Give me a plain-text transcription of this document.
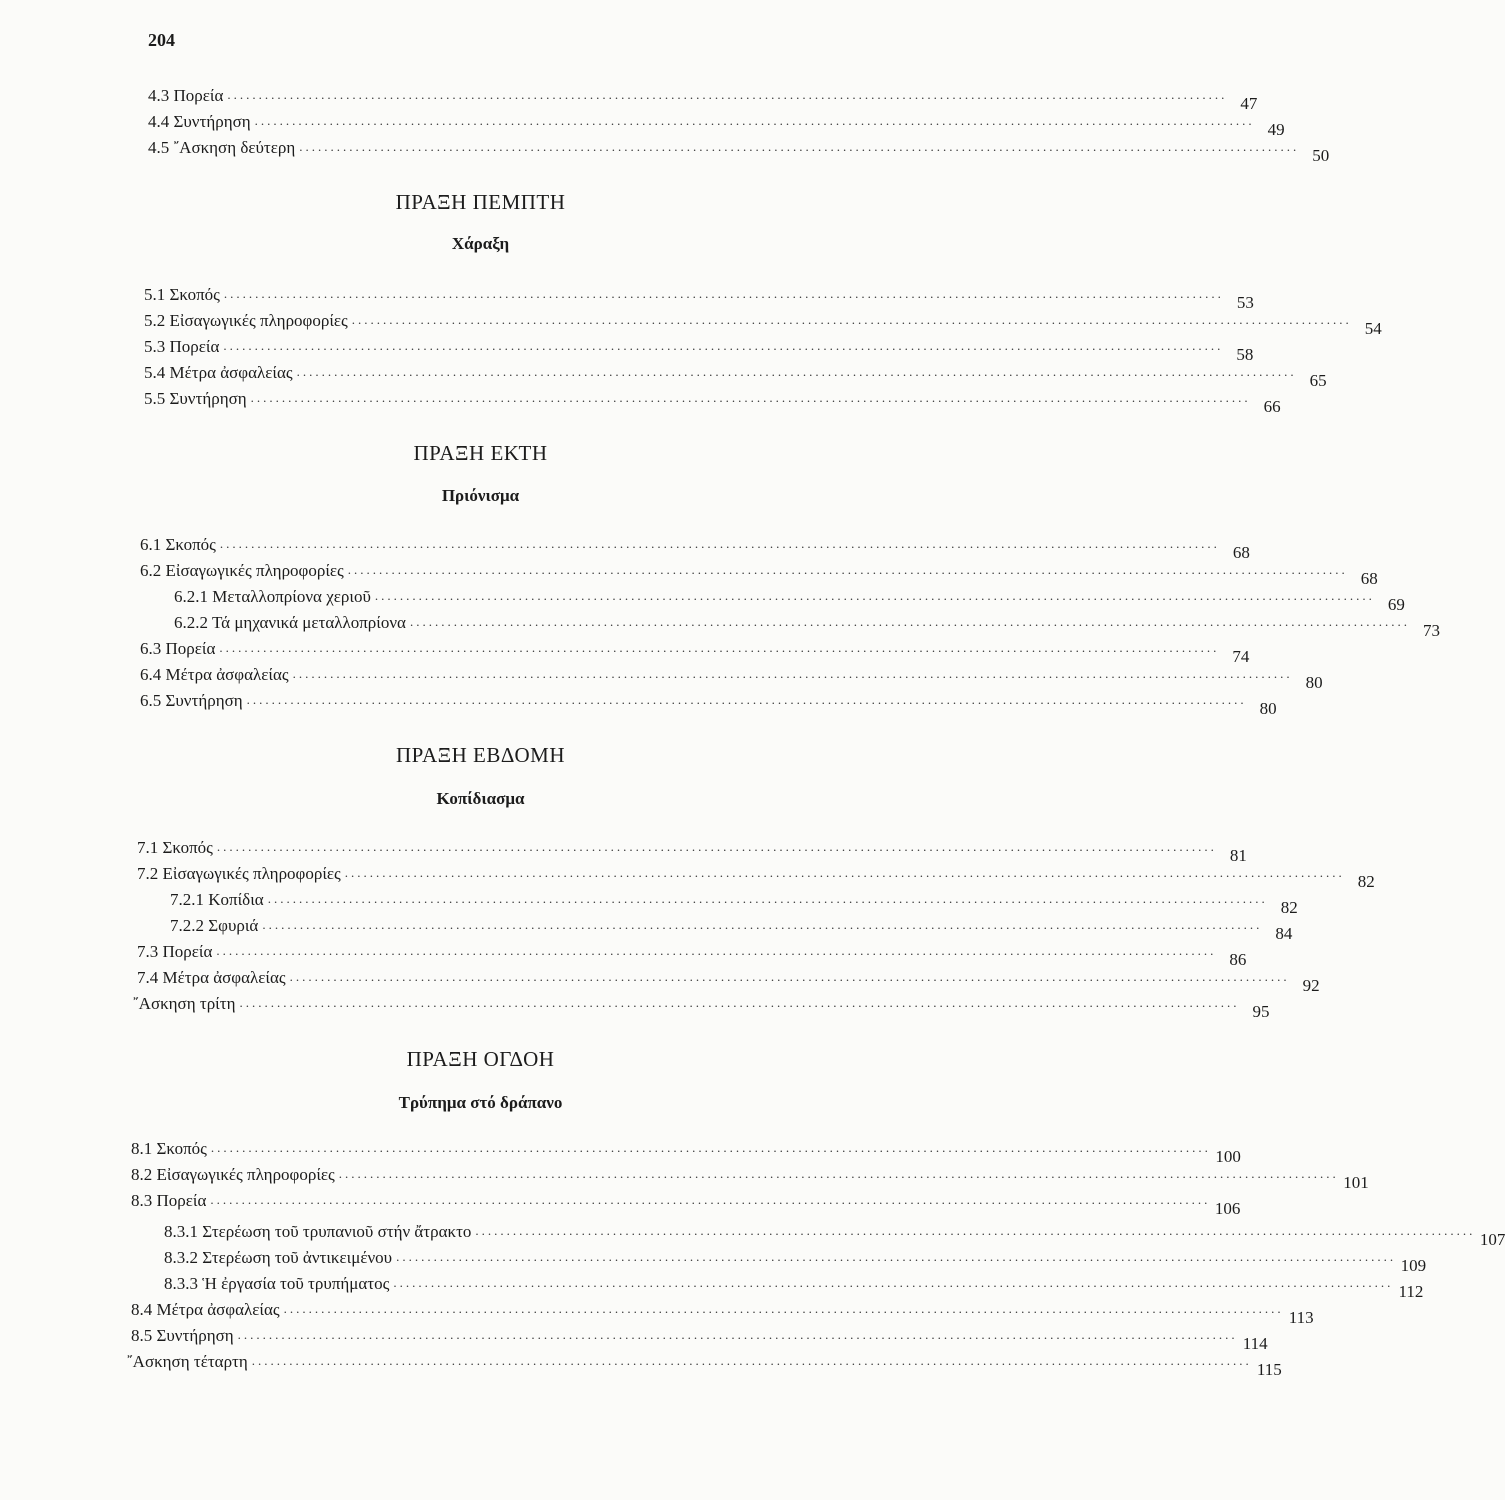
204
4.3 Πορεία ................................................................................................................................................................ 47
4.4 Συντήρηση ................................................................................................................................................................ 49
4.5 ῎Ασκηση δεύτερη ................................................................................................................................................................ 50
ΠΡΑΞΗ ΠΕΜΠΤΗ
Χάραξη
5.1 Σκοπός ................................................................................................................................................................ 53
5.2 Εἰσαγωγικές πληροφορίες ................................................................................................................................................................ 54
5.3 Πορεία ................................................................................................................................................................ 58
5.4 Μέτρα ἀσφαλείας ................................................................................................................................................................ 65
5.5 Συντήρηση ................................................................................................................................................................ 66
ΠΡΑΞΗ ΕΚΤΗ
Πριόνισμα
6.1 Σκοπός ................................................................................................................................................................ 68
6.2 Εἰσαγωγικές πληροφορίες ................................................................................................................................................................ 68
6.2.1 Μεταλλοπρίονα χεριοῦ ................................................................................................................................................................ 69
6.2.2 Τά μηχανικά μεταλλοπρίονα ................................................................................................................................................................ 73
6.3 Πορεία ................................................................................................................................................................ 74
6.4 Μέτρα ἀσφαλείας ................................................................................................................................................................ 80
6.5 Συντήρηση ................................................................................................................................................................ 80
ΠΡΑΞΗ ΕΒΔΟΜΗ
Κοπίδιασμα
7.1 Σκοπός ................................................................................................................................................................ 81
7.2 Εἰσαγωγικές πληροφορίες ................................................................................................................................................................ 82
7.2.1 Κοπίδια ................................................................................................................................................................ 82
7.2.2 Σφυριά ................................................................................................................................................................ 84
7.3 Πορεία ................................................................................................................................................................ 86
7.4 Μέτρα ἀσφαλείας ................................................................................................................................................................ 92
῎Ασκηση τρίτη ................................................................................................................................................................ 95
ΠΡΑΞΗ ΟΓΔΟΗ
Τρύπημα στό δράπανο
8.1 Σκοπός ................................................................................................................................................................ 100
8.2 Εἰσαγωγικές πληροφορίες ................................................................................................................................................................ 101
8.3 Πορεία ................................................................................................................................................................ 106
8.3.1 Στερέωση τοῦ τρυπανιοῦ στήν ἄτρακτο ................................................................................................................................................................ 107
8.3.2 Στερέωση τοῦ ἀντικειμένου ................................................................................................................................................................ 109
8.3.3 Ἡ ἐργασία τοῦ τρυπήματος ................................................................................................................................................................ 112
8.4 Μέτρα ἀσφαλείας ................................................................................................................................................................ 113
8.5 Συντήρηση ................................................................................................................................................................ 114
῎Ασκηση τέταρτη ................................................................................................................................................................ 115
